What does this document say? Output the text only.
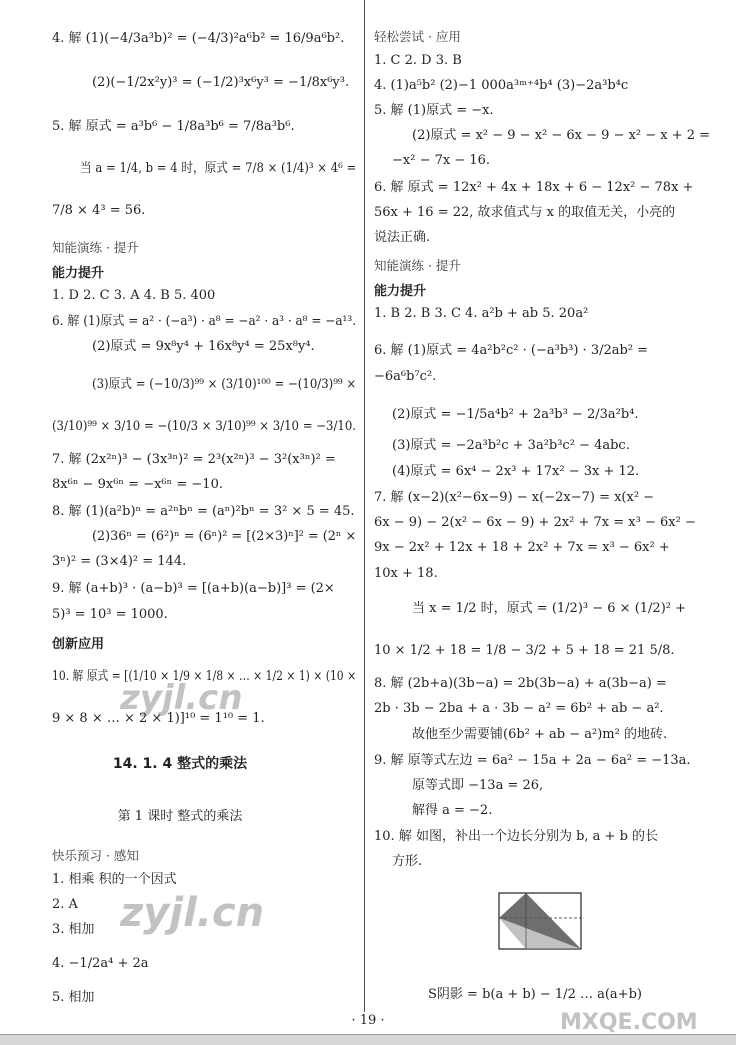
4. 解 (1)(−4/3a³b)² = (−4/3)²a⁶b² = 16/9a⁶b².
(2)(−1/2x²y)³ = (−1/2)³x⁶y³ = −1/8x⁶y³.
5. 解 原式 = a³b⁶ − 1/8a³b⁶ = 7/8a³b⁶.
当 a = 1/4, b = 4 时，原式 = 7/8 × (1/4)³ × 4⁶ =
7/8 × 4³ = 56.
1. D 2. C 3. A 4. B 5. 400
6. 解 (1)原式 = a² · (−a³) · a⁸ = −a² · a³ · a⁸ = −a¹³.
(2)原式 = 9x⁸y⁴ + 16x⁸y⁴ = 25x⁸y⁴.
(3)原式 = (−10/3)⁹⁹ × (3/10)¹⁰⁰ = −(10/3)⁹⁹ ×
(3/10)⁹⁹ × 3/10 = −(10/3 × 3/10)⁹⁹ × 3/10 = −3/10.
7. 解 (2x²ⁿ)³ − (3x³ⁿ)² = 2³(x²ⁿ)³ − 3²(x³ⁿ)² =
8x⁶ⁿ − 9x⁶ⁿ = −x⁶ⁿ = −10.
8. 解 (1)(a²b)ⁿ = a²ⁿbⁿ = (aⁿ)²bⁿ = 3² × 5 = 45.
(2)36ⁿ = (6²)ⁿ = (6ⁿ)² = [(2×3)ⁿ]² = (2ⁿ ×
3ⁿ)² = (3×4)² = 144.
9. 解 (a+b)³ · (a−b)³ = [(a+b)(a−b)]³ = (2×
5)³ = 10³ = 1000.
10. 解 原式 = [(1/10 × 1/9 × 1/8 × … × 1/2 × 1) × (10 ×
9 × 8 × … × 2 × 1)]¹⁰ = 1¹⁰ = 1.
1. 相乘 积的一个因式
2. A
3. 相加
4. −1/2a⁴ + 2a
5. 相加
1. C 2. D 3. B
4. (1)a⁵b² (2)−1 000a³ᵐ⁺⁴b⁴ (3)−2a³b⁴c
5. 解 (1)原式 = −x.
(2)原式 = x² − 9 − x² − 6x − 9 − x² − x + 2 =
−x² − 7x − 16.
6. 解 原式 = 12x² + 4x + 18x + 6 − 12x² − 78x +
56x + 16 = 22, 故求值式与 x 的取值无关，小亮的
说法正确.
1. B 2. B 3. C 4. a²b + ab 5. 20a²
6. 解 (1)原式 = 4a²b²c² · (−a³b³) · 3/2ab² =
−6a⁶b⁷c².
(2)原式 = −1/5a⁴b² + 2a³b³ − 2/3a²b⁴.
(3)原式 = −2a³b²c + 3a²b³c² − 4abc.
(4)原式 = 6x⁴ − 2x³ + 17x² − 3x + 12.
7. 解 (x−2)(x²−6x−9) − x(−2x−7) = x(x² −
6x − 9) − 2(x² − 6x − 9) + 2x² + 7x = x³ − 6x² −
9x − 2x² + 12x + 18 + 2x² + 7x = x³ − 6x² +
10x + 18.
当 x = 1/2 时，原式 = (1/2)³ − 6 × (1/2)² +
10 × 1/2 + 18 = 1/8 − 3/2 + 5 + 18 = 21 5/8.
8. 解 (2b+a)(3b−a) = 2b(3b−a) + a(3b−a) =
2b · 3b − 2ba + a · 3b − a² = 6b² + ab − a².
故他至少需要铺(6b² + ab − a²)m² 的地砖.
9. 解 原等式左边 = 6a² − 15a + 2a − 6a² = −13a.
原等式即 −13a = 26,
解得 a = −2.
10. 解 如图，补出一个边长分别为 b, a + b 的长
方形.
S阴影 = b(a + b) − 1/2 … a(a+b)
知能演练 · 提升
能力提升
创新应用
14. 1. 4 整式的乘法
第 1 课时 整式的乘法
快乐预习 · 感知
轻松尝试 · 应用
知能演练 · 提升
能力提升
· 19 ·
zyjl.cn
zyjl.cn
MXQE.COM
